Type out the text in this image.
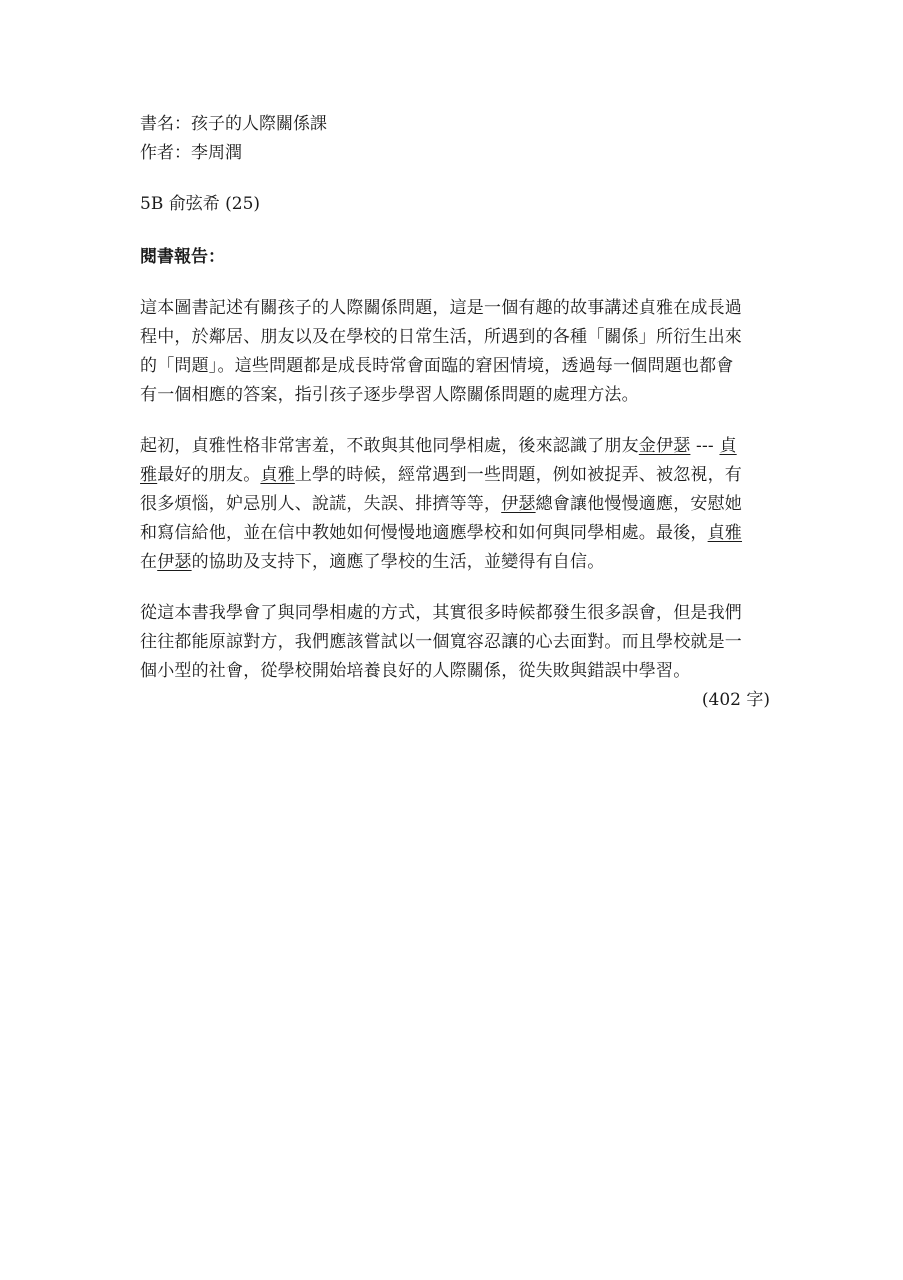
書名：孩子的人際關係課

作者：李周潤

5B 俞弦希 (25)

閱書報告：

這本圖書記述有關孩子的人際關係問題，這是一個有趣的故事講述貞雅在成長過
程中，於鄰居、朋友以及在學校的日常生活，所遇到的各種「關係」所衍生出來
的「問題」。這些問題都是成長時常會面臨的窘困情境，透過每一個問題也都會
有一個相應的答案，指引孩子逐步學習人際關係問題的處理方法。
起初，貞雅性格非常害羞，不敢與其他同學相處，後來認識了朋友金伊瑟 --- 貞
雅最好的朋友。貞雅上學的時候，經常遇到一些問題，例如被捉弄、被忽視，有
很多煩惱，妒忌別人、說謊，失誤、排擠等等，伊瑟總會讓他慢慢適應，安慰她
和寫信給他，並在信中教她如何慢慢地適應學校和如何與同學相處。最後，貞雅
在伊瑟的協助及支持下，適應了學校的生活，並變得有自信。
從這本書我學會了與同學相處的方式，其實很多時候都發生很多誤會，但是我們
往往都能原諒對方，我們應該嘗試以一個寬容忍讓的心去面對。而且學校就是一
個小型的社會，從學校開始培養良好的人際關係，從失敗與錯誤中學習。

(402 字)
